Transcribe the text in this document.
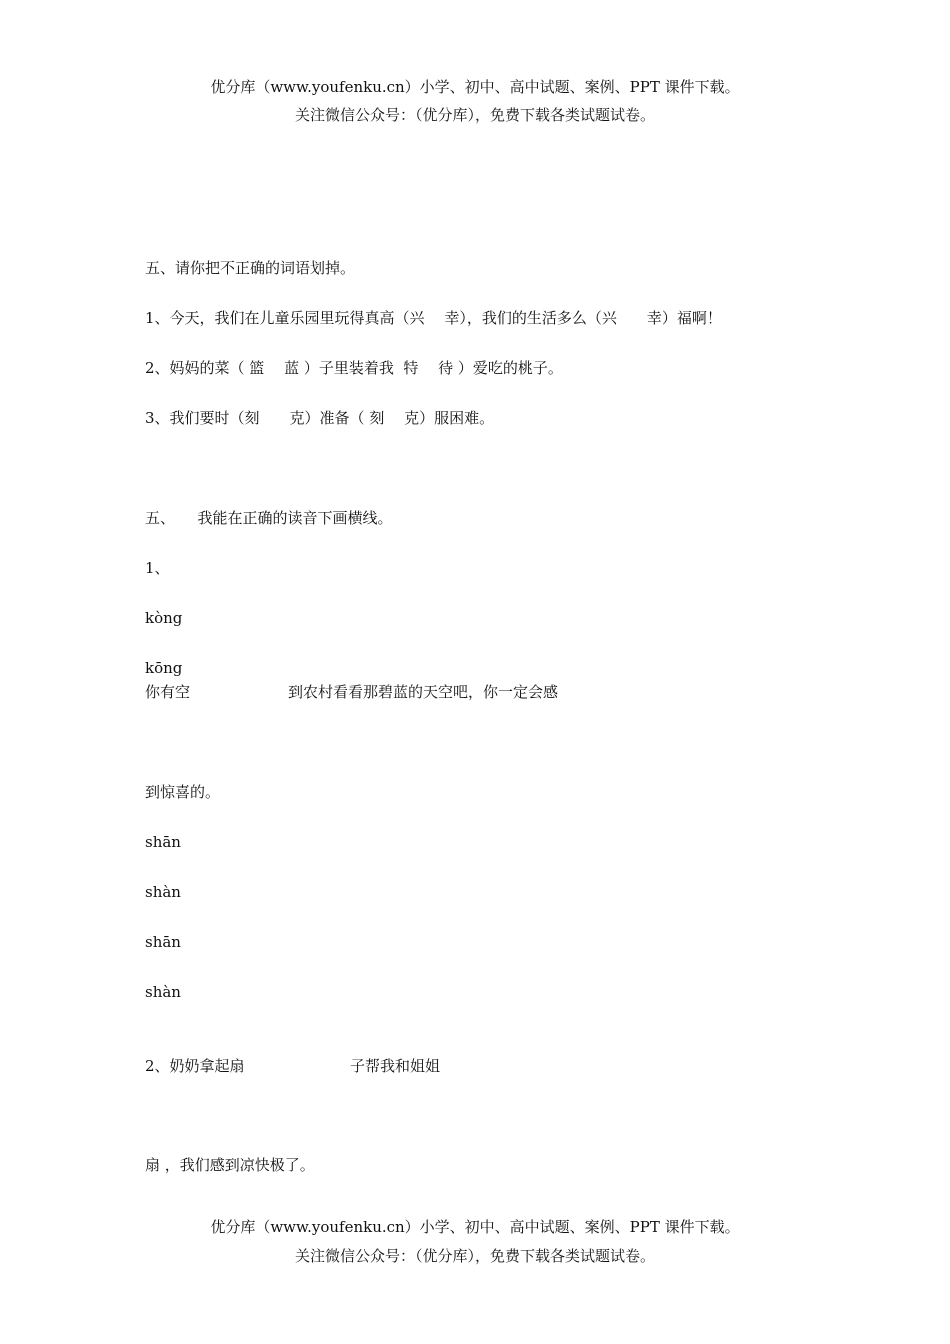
优分库（www.youfenku.cn）小学、初中、高中试题、案例、PPT 课件下载。

关注微信公众号：（优分库），免费下载各类试题试卷。

五、请你把不正确的词语划掉。

1、今天，我们在儿童乐园里玩得真高（兴　 幸），我们的生活多么（兴　　幸）福啊！

2、妈妈的菜（ 篮　 蓝 ）子里装着我  特　 待 ）爱吃的桃子。

3、我们要时（刻　　克）准备（ 刻　 克）服困难。

五、　　我能在正确的读音下画横线。

1、

kòng

kōng

你有空	到农村看看那碧蓝的天空吧，你一定会感

到惊喜的。

shān

shàn

shān

shàn

2、奶奶拿起扇	子帮我和姐姐

扇 ，我们感到凉快极了。

优分库（www.youfenku.cn）小学、初中、高中试题、案例、PPT 课件下载。

关注微信公众号：（优分库），免费下载各类试题试卷。
